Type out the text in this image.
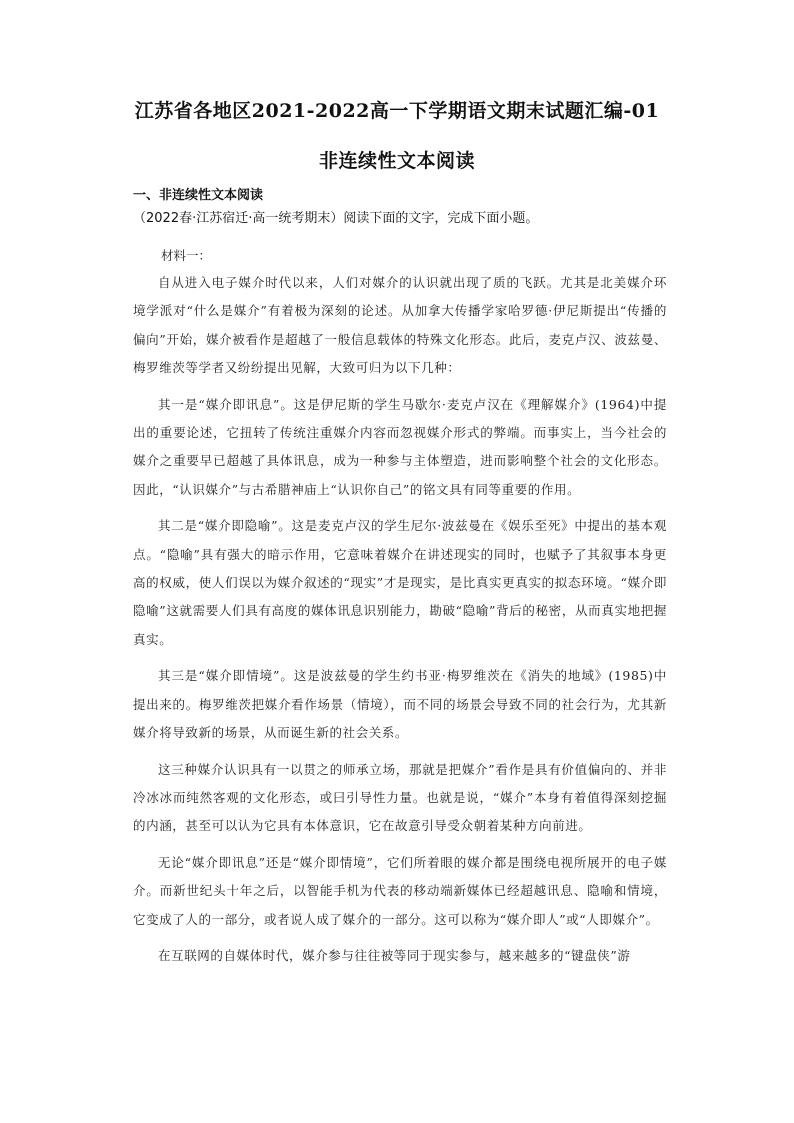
江苏省各地区2021-2022高一下学期语文期末试题汇编-01
非连续性文本阅读
一、非连续性文本阅读
（2022春·江苏宿迁·高一统考期末）阅读下面的文字，完成下面小题。
材料一：

自从进入电子媒介时代以来，人们对媒介的认识就出现了质的飞跃。尤其是北美媒介环境学派对“什么是媒介”有着极为深刻的论述。从加拿大传播学家哈罗德·伊尼斯提出“传播的偏向”开始，媒介被看作是超越了一般信息载体的特殊文化形态。此后，麦克卢汉、波兹曼、梅罗维茨等学者又纷纷提出见解，大致可归为以下几种：

其一是“媒介即讯息”。这是伊尼斯的学生马歇尔·麦克卢汉在《理解媒介》(1964)中提出的重要论述，它扭转了传统注重媒介内容而忽视媒介形式的弊端。而事实上，当今社会的媒介之重要早已超越了具体讯息，成为一种参与主体塑造，进而影响整个社会的文化形态。因此，“认识媒介”与古希腊神庙上“认识你自己”的铭文具有同等重要的作用。

其二是“媒介即隐喻”。这是麦克卢汉的学生尼尔·波兹曼在《娱乐至死》中提出的基本观点。“隐喻”具有强大的暗示作用，它意味着媒介在讲述现实的同时，也赋予了其叙事本身更高的权威，使人们误以为媒介叙述的“现实”才是现实，是比真实更真实的拟态环境。“媒介即隐喻”这就需要人们具有高度的媒体讯息识别能力，勘破“隐喻”背后的秘密，从而真实地把握真实。

其三是“媒介即情境”。这是波兹曼的学生约书亚·梅罗维茨在《消失的地域》(1985)中提出来的。梅罗维茨把媒介看作场景（情境），而不同的场景会导致不同的社会行为，尤其新媒介将导致新的场景，从而诞生新的社会关系。

这三种媒介认识具有一以贯之的师承立场，那就是把媒介”看作是具有价值偏向的、并非冷冰冰而纯然客观的文化形态，或曰引导性力量。也就是说，“媒介”本身有着值得深刻挖掘的内涵，甚至可以认为它具有本体意识，它在故意引导受众朝着某种方向前进。

无论“媒介即讯息”还是“媒介即情境”，它们所着眼的媒介都是围绕电视所展开的电子媒介。而新世纪头十年之后，以智能手机为代表的移动端新媒体已经超越讯息、隐喻和情境，它变成了人的一部分，或者说人成了媒介的一部分。这可以称为“媒介即人”或“人即媒介”。

在互联网的自媒体时代，媒介参与往往被等同于现实参与，越来越多的“键盘侠”游
